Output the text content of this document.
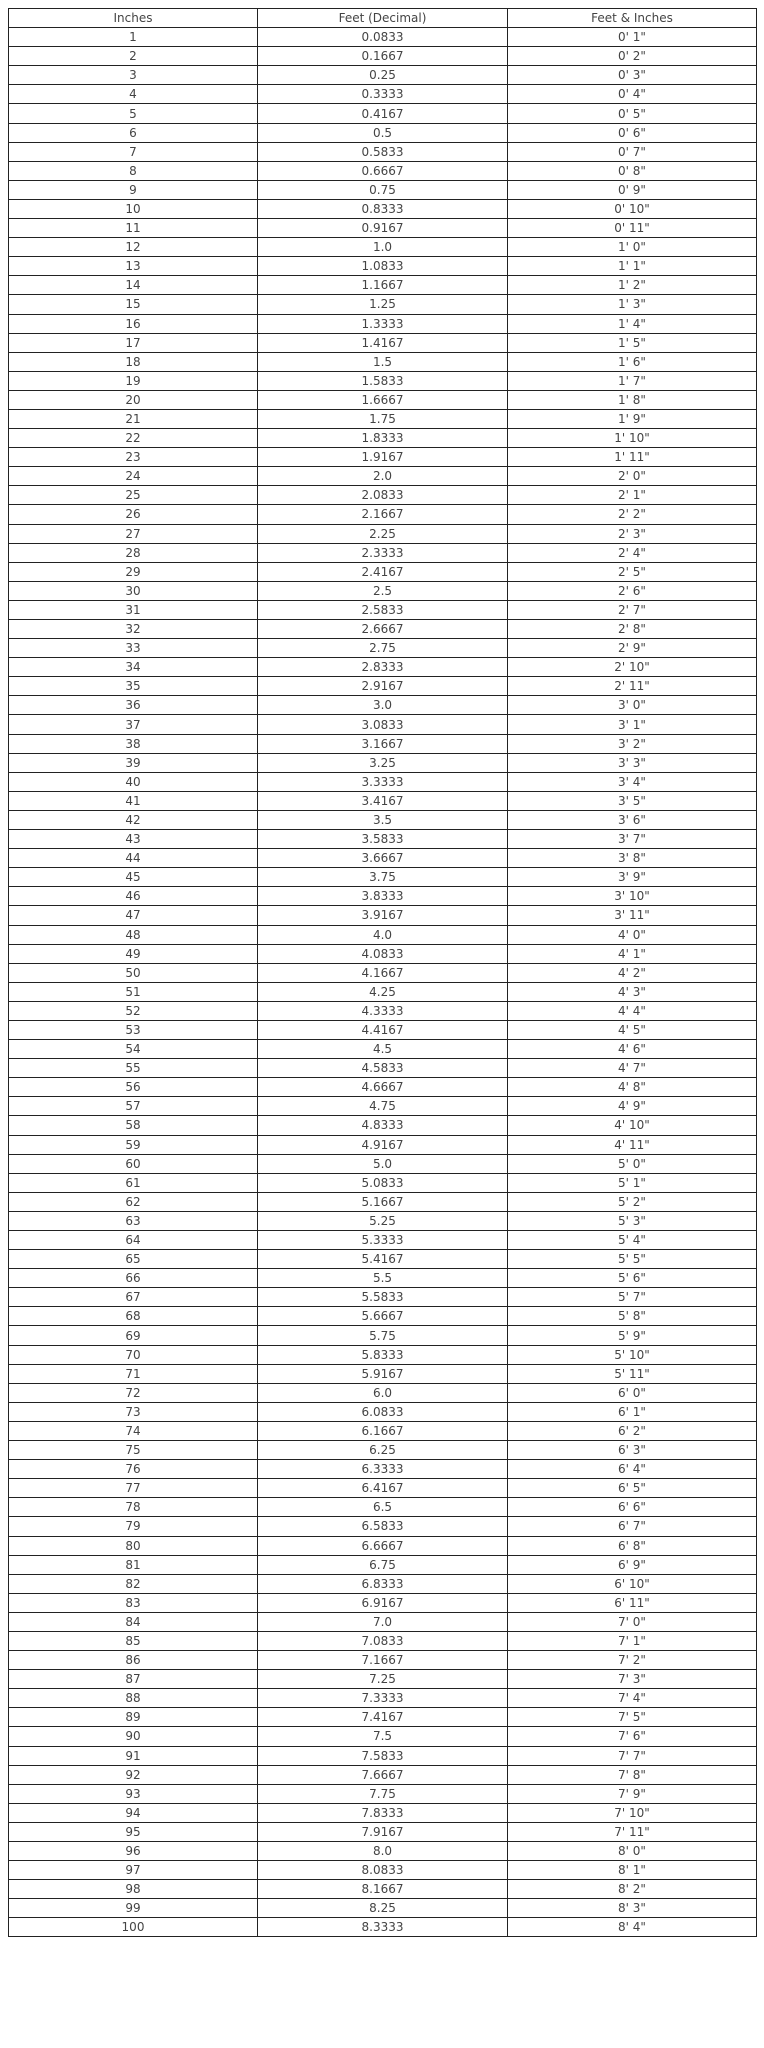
Inches	Feet (Decimal)	Feet & Inches
1	0.0833	0' 1"
2	0.1667	0' 2"
3	0.25	0' 3"
4	0.3333	0' 4"
5	0.4167	0' 5"
6	0.5	0' 6"
7	0.5833	0' 7"
8	0.6667	0' 8"
9	0.75	0' 9"
10	0.8333	0' 10"
11	0.9167	0' 11"
12	1.0	1' 0"
13	1.0833	1' 1"
14	1.1667	1' 2"
15	1.25	1' 3"
16	1.3333	1' 4"
17	1.4167	1' 5"
18	1.5	1' 6"
19	1.5833	1' 7"
20	1.6667	1' 8"
21	1.75	1' 9"
22	1.8333	1' 10"
23	1.9167	1' 11"
24	2.0	2' 0"
25	2.0833	2' 1"
26	2.1667	2' 2"
27	2.25	2' 3"
28	2.3333	2' 4"
29	2.4167	2' 5"
30	2.5	2' 6"
31	2.5833	2' 7"
32	2.6667	2' 8"
33	2.75	2' 9"
34	2.8333	2' 10"
35	2.9167	2' 11"
36	3.0	3' 0"
37	3.0833	3' 1"
38	3.1667	3' 2"
39	3.25	3' 3"
40	3.3333	3' 4"
41	3.4167	3' 5"
42	3.5	3' 6"
43	3.5833	3' 7"
44	3.6667	3' 8"
45	3.75	3' 9"
46	3.8333	3' 10"
47	3.9167	3' 11"
48	4.0	4' 0"
49	4.0833	4' 1"
50	4.1667	4' 2"
51	4.25	4' 3"
52	4.3333	4' 4"
53	4.4167	4' 5"
54	4.5	4' 6"
55	4.5833	4' 7"
56	4.6667	4' 8"
57	4.75	4' 9"
58	4.8333	4' 10"
59	4.9167	4' 11"
60	5.0	5' 0"
61	5.0833	5' 1"
62	5.1667	5' 2"
63	5.25	5' 3"
64	5.3333	5' 4"
65	5.4167	5' 5"
66	5.5	5' 6"
67	5.5833	5' 7"
68	5.6667	5' 8"
69	5.75	5' 9"
70	5.8333	5' 10"
71	5.9167	5' 11"
72	6.0	6' 0"
73	6.0833	6' 1"
74	6.1667	6' 2"
75	6.25	6' 3"
76	6.3333	6' 4"
77	6.4167	6' 5"
78	6.5	6' 6"
79	6.5833	6' 7"
80	6.6667	6' 8"
81	6.75	6' 9"
82	6.8333	6' 10"
83	6.9167	6' 11"
84	7.0	7' 0"
85	7.0833	7' 1"
86	7.1667	7' 2"
87	7.25	7' 3"
88	7.3333	7' 4"
89	7.4167	7' 5"
90	7.5	7' 6"
91	7.5833	7' 7"
92	7.6667	7' 8"
93	7.75	7' 9"
94	7.8333	7' 10"
95	7.9167	7' 11"
96	8.0	8' 0"
97	8.0833	8' 1"
98	8.1667	8' 2"
99	8.25	8' 3"
100	8.3333	8' 4"
